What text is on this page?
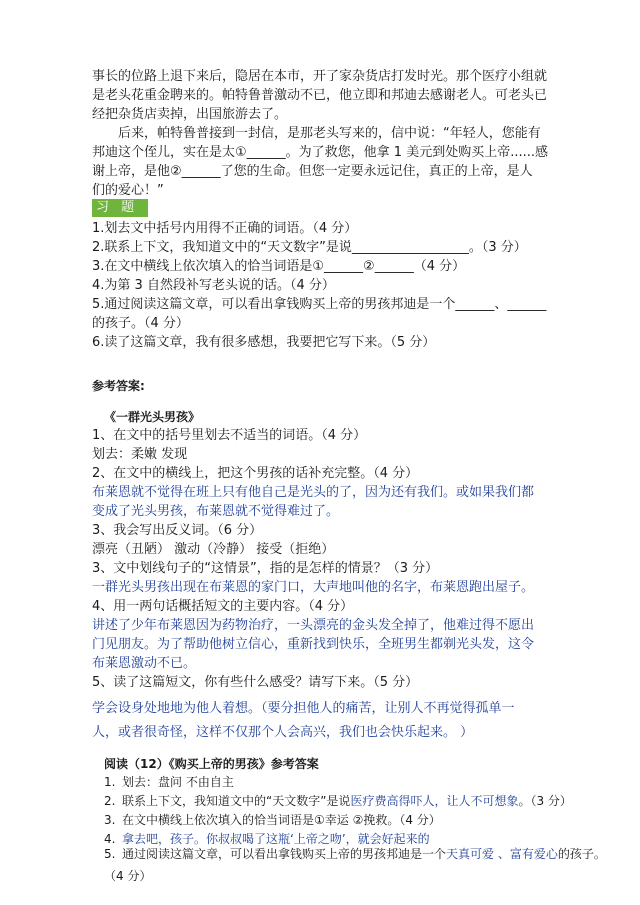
事长的位路上退下来后，隐居在本市，开了家杂货店打发时光。那个医疗小组就
是老头花重金聘来的。帕特鲁普激动不已，他立即和邦迪去感谢老人。可老头已
经把杂货店卖掉，出国旅游去了。
后来，帕特鲁普接到一封信，是那老头写来的，信中说：“年轻人，您能有
邦迪这个侄儿，实在是太①______。为了救您，他拿 1 美元到处购买上帝......感
谢上帝，是他②______了您的生命。但您一定要永远记住，真正的上帝，是人
们的爱心！”
习 题
1.划去文中括号内用得不正确的词语。（4 分）
2.联系上下文，我知道文中的“天文数字”是说__________________。（3 分）
3.在文中横线上依次填入的恰当词语是①______②______（4 分）
4.为第 3 自然段补写老头说的话。（4 分）
5.通过阅读这篇文章，可以看出拿钱购买上帝的男孩邦迪是一个______、______
的孩子。（4 分）
6.读了这篇文章，我有很多感想，我要把它写下来。（5 分）
参考答案:
《一群光头男孩》
1、在文中的括号里划去不适当的词语。（4 分）
划去：柔嫩 发现
2、在文中的横线上，把这个男孩的话补充完整。（4 分）
布莱恩就不觉得在班上只有他自己是光头的了，因为还有我们。或如果我们都
变成了光头男孩，布莱恩就不觉得难过了。
3、我会写出反义词。（6 分）
漂亮（丑陋） 激动（冷静） 接受（拒绝）
3、文中划线句子的“这情景”，指的是怎样的情景？（3 分）
一群光头男孩出现在布莱恩的家门口，大声地叫他的名字，布莱恩跑出屋子。
4、用一两句话概括短文的主要内容。（4 分）
讲述了少年布莱恩因为药物治疗，一头漂亮的金头发全掉了，他难过得不愿出
门见朋友。为了帮助他树立信心，重新找到快乐，全班男生都剃光头发，这令
布莱恩激动不已。
5、读了这篇短文，你有些什么感受？请写下来。（5 分）
学会设身处地地为他人着想。（要分担他人的痛苦，让别人不再觉得孤单一
人，或者很奇怪，这样不仅那个人会高兴，我们也会快乐起来。 ）
阅读（12）《购买上帝的男孩》参考答案
1. 划去：盘问 不由自主
2. 联系上下文，我知道文中的“天文数字”是说医疗费高得吓人，让人不可想象。（3 分）
3. 在文中横线上依次填入的恰当词语是①幸运 ②挽救。（4 分）
4. 拿去吧，孩子。你叔叔喝了这瓶‘上帝之吻’，就会好起来的
5. 通过阅读这篇文章，可以看出拿钱购买上帝的男孩邦迪是一个天真可爱 、富有爱心的孩子。
（4 分）
